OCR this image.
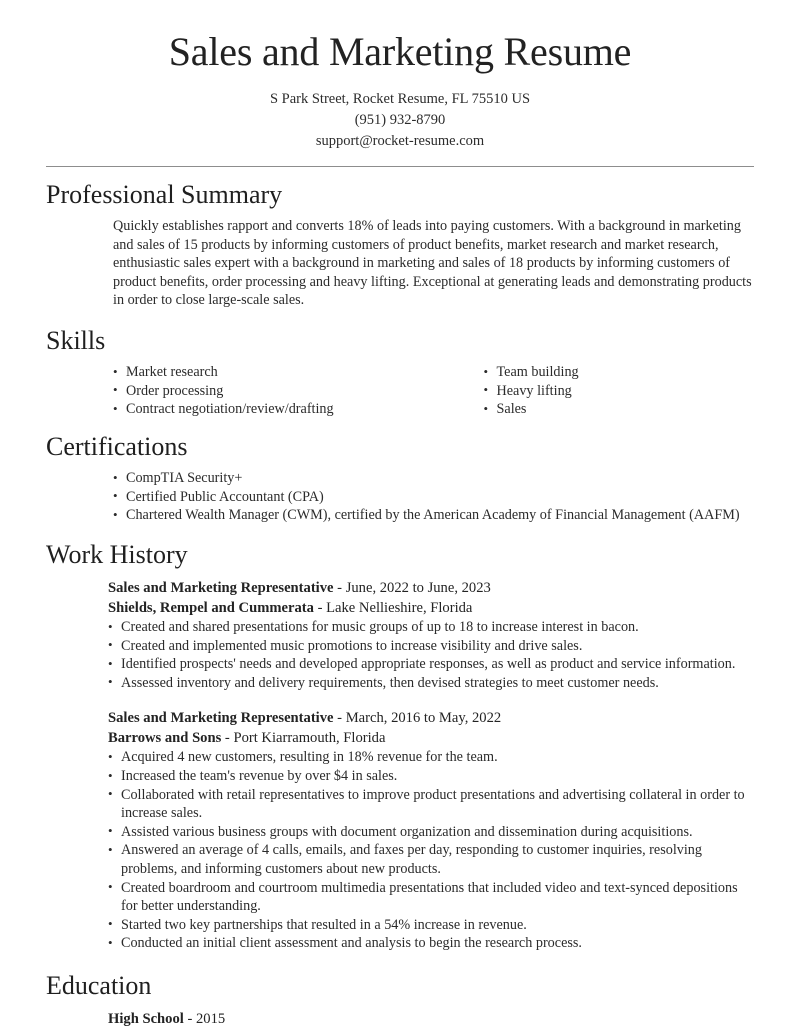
Sales and Marketing Resume
S Park Street, Rocket Resume, FL 75510 US
(951) 932-8790
support@rocket-resume.com
Professional Summary

Quickly establishes rapport and converts 18% of leads into paying customers. With a background in marketing and sales of 15 products by informing customers of product benefits, market research and market research, enthusiastic sales expert with a background in marketing and sales of 18 products by informing customers of product benefits, order processing and heavy lifting. Exceptional at generating leads and demonstrating products in order to close large-scale sales.

Skills
• Market research
• Order processing
• Contract negotiation/review/drafting
• Team building
• Heavy lifting
• Sales
Certifications
• CompTIA Security+
• Certified Public Accountant (CPA)
• Chartered Wealth Manager (CWM), certified by the American Academy of Financial Management (AAFM)
Work History
Sales and Marketing Representative - June, 2022 to June, 2023
Shields, Rempel and Cummerata - Lake Nellieshire, Florida
• Created and shared presentations for music groups of up to 18 to increase interest in bacon.
• Created and implemented music promotions to increase visibility and drive sales.
• Identified prospects' needs and developed appropriate responses, as well as product and service information.
• Assessed inventory and delivery requirements, then devised strategies to meet customer needs.
Sales and Marketing Representative - March, 2016 to May, 2022
Barrows and Sons - Port Kiarramouth, Florida
• Acquired 4 new customers, resulting in 18% revenue for the team.
• Increased the team's revenue by over $4 in sales.
• Collaborated with retail representatives to improve product presentations and advertising collateral in order to increase sales.
• Assisted various business groups with document organization and dissemination during acquisitions.
• Answered an average of 4 calls, emails, and faxes per day, responding to customer inquiries, resolving problems, and informing customers about new products.
• Created boardroom and courtroom multimedia presentations that included video and text-synced depositions for better understanding.
• Started two key partnerships that resulted in a 54% increase in revenue.
• Conducted an initial client assessment and analysis to begin the research process.
Education
High School - 2015
